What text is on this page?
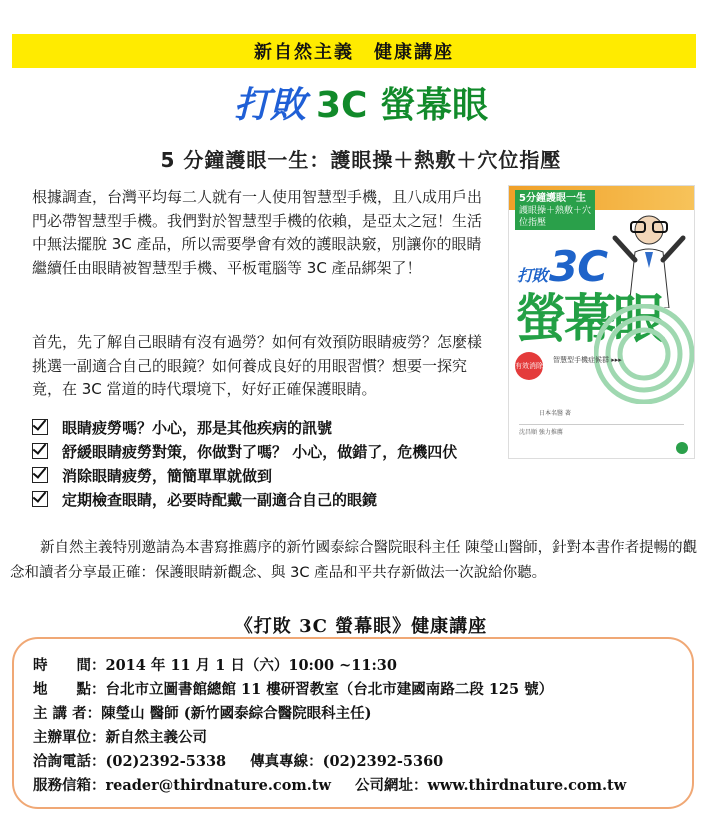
新自然主義　健康講座
打敗 3C 螢幕眼
5 分鐘護眼一生：護眼操＋熱敷＋穴位指壓

根據調查，台灣平均每二人就有一人使用智慧型手機，且八成用戶出門必帶智慧型手機。我們對於智慧型手機的依賴，是亞太之冠！生活中無法擺脫 3C 產品，所以需要學會有效的護眼訣竅，別讓你的眼睛繼續任由眼睛被智慧型手機、平板電腦等 3C 產品綁架了！

首先，先了解自己眼睛有沒有過勞？如何有效預防眼睛疲勞？怎麼樣挑選一副適合自己的眼鏡？如何養成良好的用眼習慣？想要一探究竟，在 3C 當道的時代環境下，好好正確保護眼睛。

眼睛疲勞嗎？小心，那是其他疾病的訊號
舒緩眼睛疲勞對策，你做對了嗎？ 小心，做錯了，危機四伏
消除眼睛疲勞，簡簡單單就做到
定期檢查眼睛，必要時配戴一副適合自己的眼鏡
5分鐘護眼一生
護眼操＋熱敷＋穴位指壓
打敗3C
螢幕眼
有效消除
智慧型手機症候群 ▸▸▸
日本名醫 著
沈昌順 強力推薦

新自然主義特別邀請為本書寫推薦序的新竹國泰綜合醫院眼科主任 陳瑩山醫師，針對本書作者提暢的觀念和讀者分享最正確：保護眼睛新觀念、與 3C 產品和平共存新做法一次說給你聽。

《打敗 3C 螢幕眼》健康講座
時　　間：2014 年 11 月 1 日（六）10:00 ~11:30
地　　點：台北市立圖書館總館 11 樓研習教室（台北市建國南路二段 125 號）
主 講 者：陳瑩山 醫師 (新竹國泰綜合醫院眼科主任)
主辦單位：新自然主義公司
洽詢電話：(02)2392-5338 傳真專線：(02)2392-5360
服務信箱：reader@thirdnature.com.tw 公司網址：www.thirdnature.com.tw
